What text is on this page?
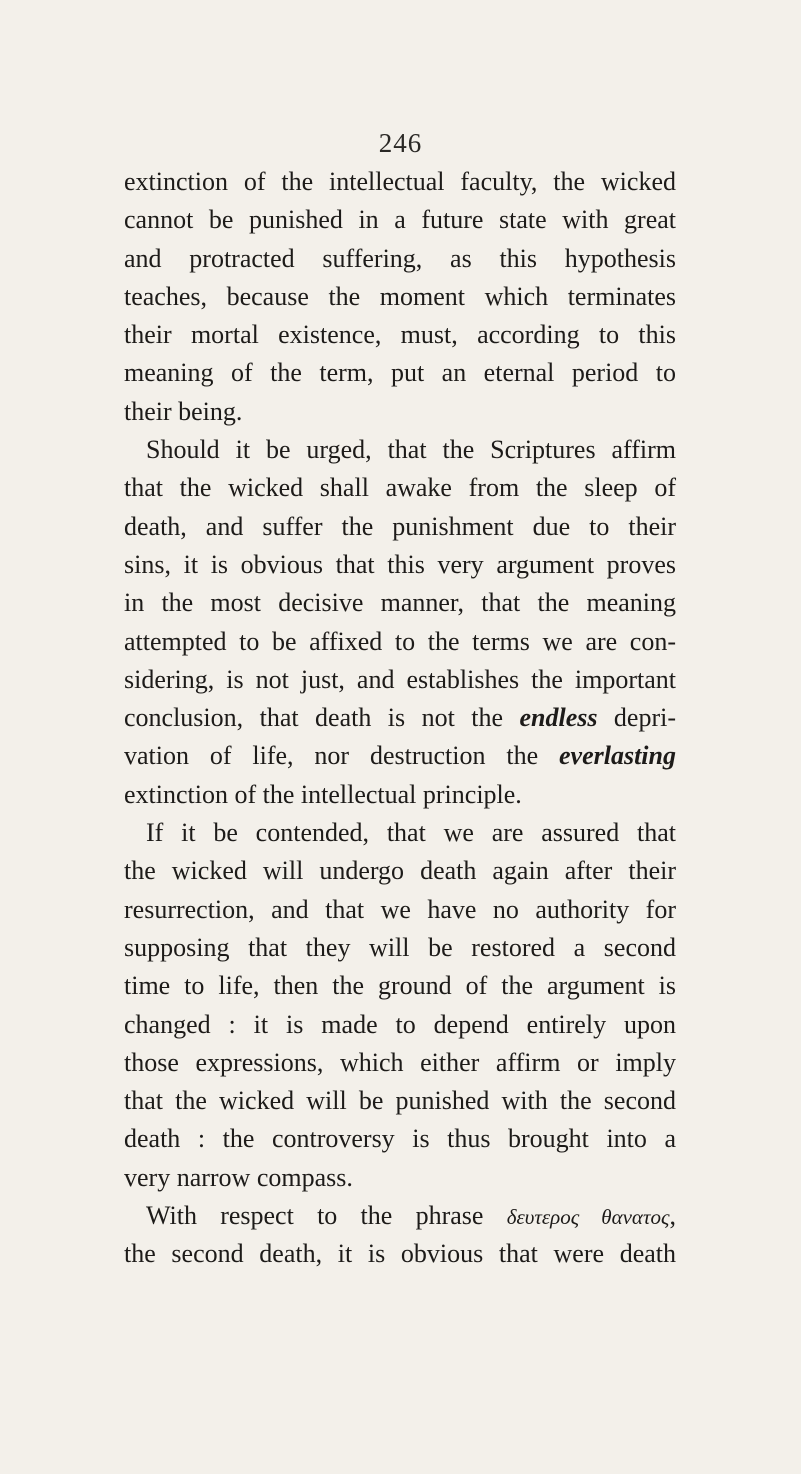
246
extinction of the intellectual faculty, the wicked
cannot be punished in a future state with great
and protracted suffering, as this hypothesis
teaches, because the moment which terminates
their mortal existence, must, according to this
meaning of the term, put an eternal period to
their being.
Should it be urged, that the Scriptures affirm
that the wicked shall awake from the sleep of
death, and suffer the punishment due to their
sins, it is obvious that this very argument proves
in the most decisive manner, that the meaning
attempted to be affixed to the terms we are con-
sidering, is not just, and establishes the important
conclusion, that death is not the endless depri-
vation of life, nor destruction the everlasting
extinction of the intellectual principle.
If it be contended, that we are assured that
the wicked will undergo death again after their
resurrection, and that we have no authority for
supposing that they will be restored a second
time to life, then the ground of the argument is
changed : it is made to depend entirely upon
those expressions, which either affirm or imply
that the wicked will be punished with the second
death : the controversy is thus brought into a
very narrow compass.
With respect to the phrase δευτερος θανατος,
the second death, it is obvious that were death
